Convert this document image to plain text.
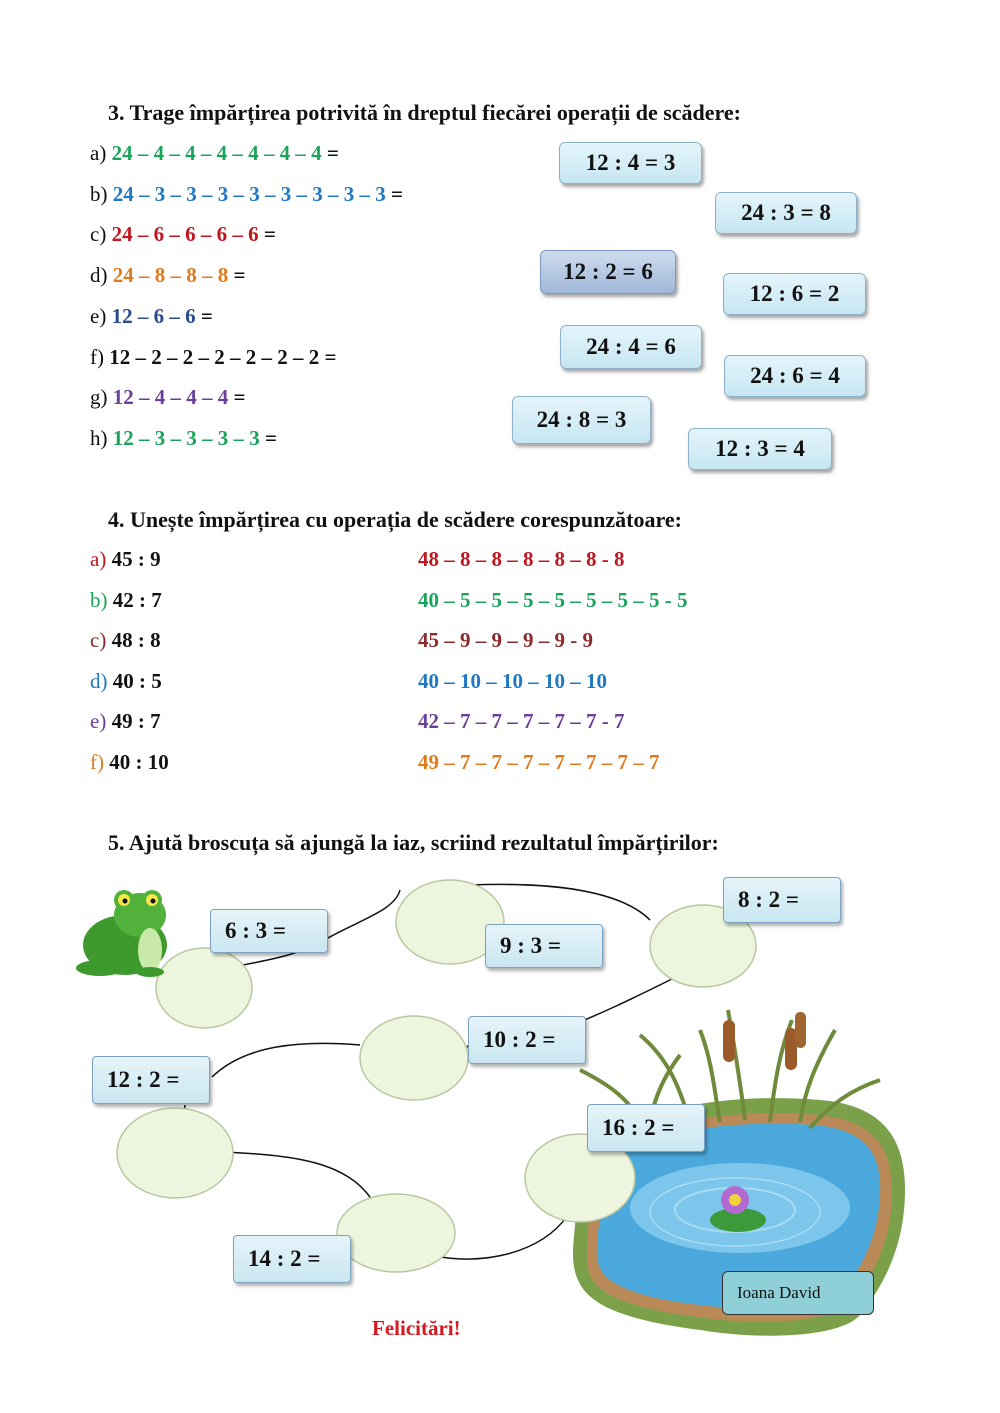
3. Trage împărțirea potrivită în dreptul fiecărei operații de scădere:
a) 24 – 4 – 4 – 4 – 4 – 4 – 4 =
b) 24 – 3 – 3 – 3 – 3 – 3 – 3 – 3 – 3 =
c) 24 – 6 – 6 – 6 – 6 =
d) 24 – 8 – 8 – 8 =
e) 12 – 6 – 6 =
f) 12 – 2 – 2 – 2 – 2 – 2 – 2 =
g) 12 – 4 – 4 – 4 =
h) 12 – 3 – 3 – 3 – 3 =
12 : 4 = 3
24 : 3 = 8
12 : 2 = 6
12 : 6 = 2
24 : 4 = 6
24 : 6 = 4
24 : 8 = 3
12 : 3 = 4
4. Unește împărțirea cu operația de scădere corespunzătoare:
a) 45 : 9
b) 42 : 7
c) 48 : 8
d) 40 : 5
e) 49 : 7
f) 40 : 10
48 – 8 – 8 – 8 – 8 – 8 - 8
40 – 5 – 5 – 5 – 5 – 5 – 5 – 5 - 5
45 – 9 – 9 – 9 – 9 - 9
40 – 10 – 10 – 10 – 10
42 – 7 – 7 – 7 – 7 – 7 - 7
49 – 7 – 7 – 7 – 7 – 7 – 7 – 7
5. Ajută broscuța să ajungă la iaz, scriind rezultatul împărțirilor:
6 : 3 =
9 : 3 =
8 : 2 =
10 : 2 =
12 : 2 =
16 : 2 =
14 : 2 =
Ioana David
Felicitări!
